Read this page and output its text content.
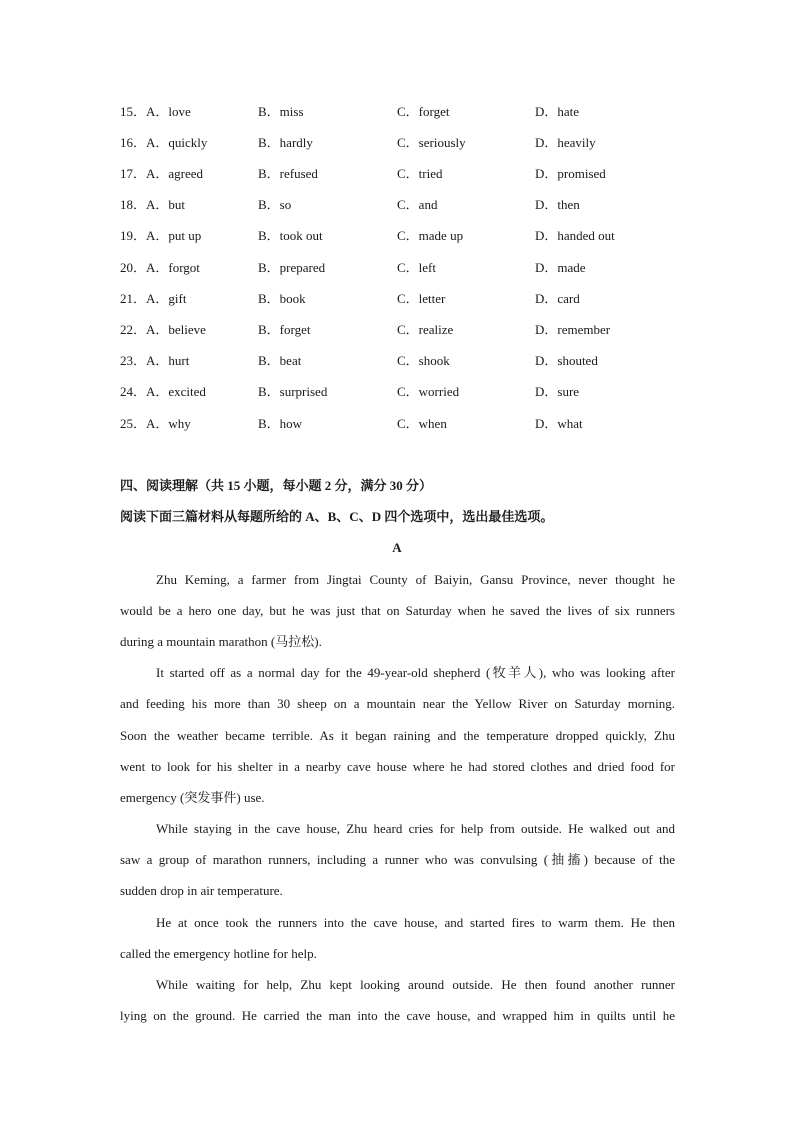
15．A．love	B．miss	C．forget	D．hate
16．A．quickly	B．hardly	C．seriously	D．heavily
17．A．agreed	B．refused	C．tried	D．promised
18．A．but	B．so	C．and	D．then
19．A．put up	B．took out	C．made up	D．handed out
20．A．forgot	B．prepared	C．left	D．made
21．A．gift	B．book	C．letter	D．card
22．A．believe	B．forget	C．realize	D．remember
23．A．hurt	B．beat	C．shook	D．shouted
24．A．excited	B．surprised	C．worried	D．sure
25．A．why	B．how	C．when	D．what
四、阅读理解（共 15 小题，每小题 2 分，满分 30 分）
阅读下面三篇材料从每题所给的 A、B、C、D 四个选项中，选出最佳选项。
A
Zhu Keming, a farmer from Jingtai County of Baiyin, Gansu Province, never thought he
would be a hero one day, but he was just that on Saturday when he saved the lives of six runners
during a mountain marathon (马拉松).
It started off as a normal day for the 49-year-old shepherd (牧羊人), who was looking after
and feeding his more than 30 sheep on a mountain near the Yellow River on Saturday morning.
Soon the weather became terrible. As it began raining and the temperature dropped quickly, Zhu
went to look for his shelter in a nearby cave house where he had stored clothes and dried food for
emergency (突发事件) use.
While staying in the cave house, Zhu heard cries for help from outside. He walked out and
saw a group of marathon runners, including a runner who was convulsing (抽搐) because of the
sudden drop in air temperature.
He at once took the runners into the cave house, and started fires to warm them. He then
called the emergency hotline for help.
While waiting for help, Zhu kept looking around outside. He then found another runner
lying on the ground. He carried the man into the cave house, and wrapped him in quilts until he
